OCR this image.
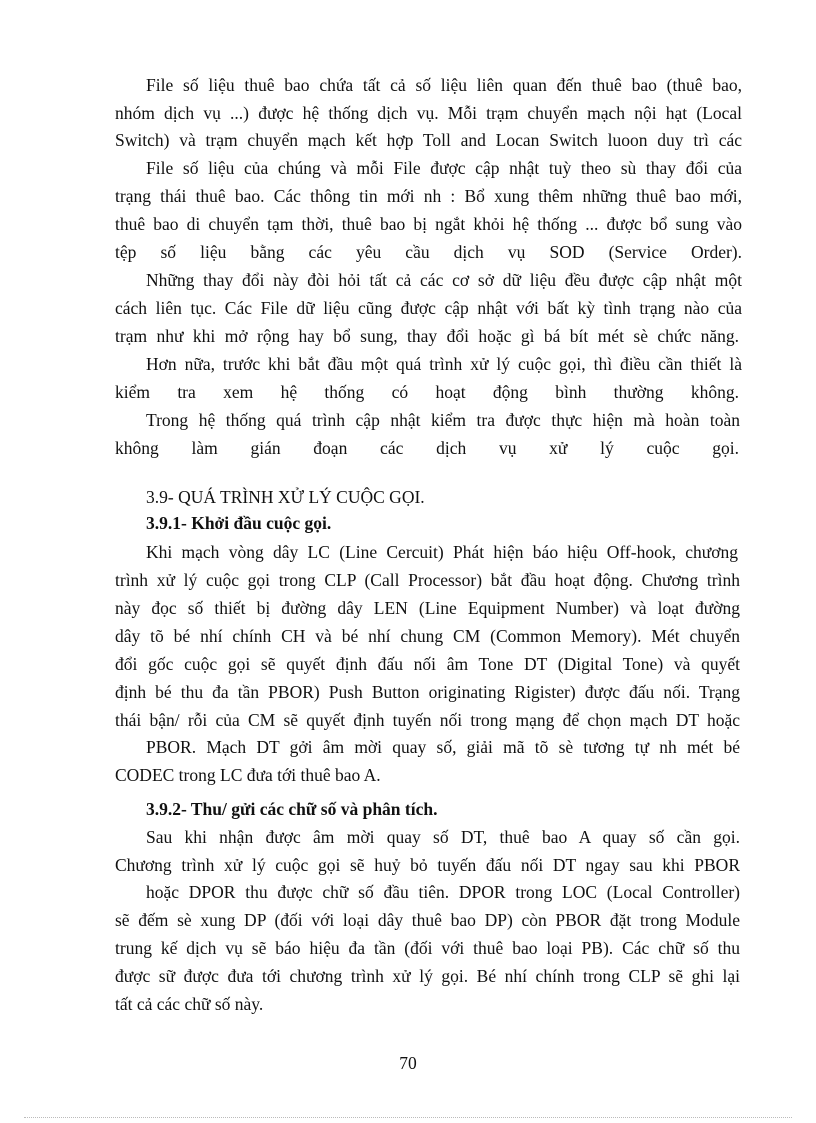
File số liệu thuê bao chứa tất cả số liệu liên quan đến thuê bao (thuê bao,
nhóm dịch vụ ...) được hệ thống dịch vụ. Mỗi trạm chuyển mạch nội hạt (Local
Switch) và trạm chuyển mạch kết hợp Toll and Locan Switch luoon duy trì các
File số liệu của chúng và mỗi File được cập nhật tuỳ theo sù thay đổi của
trạng thái thuê bao. Các thông tin mới nh : Bổ xung thêm những thuê bao mới,
thuê bao di chuyển tạm thời, thuê bao bị ngắt khỏi hệ thống ... được bổ sung vào
tệp số liệu bằng các yêu cầu dịch vụ SOD (Service Order).
Những thay đổi này đòi hỏi tất cả các cơ sở dữ liệu đều được cập nhật một
cách liên tục. Các File dữ liệu cũng được cập nhật với bất kỳ tình trạng nào của
trạm như khi mở rộng hay bổ sung, thay đổi hoặc gì bá bít mét sè chức năng.
Hơn nữa, trước khi bắt đầu một quá trình xử lý cuộc gọi, thì điều cần thiết là
kiểm tra xem hệ thống có hoạt động bình thường không.
Trong hệ thống quá trình cập nhật kiểm tra được thực hiện mà hoàn toàn
không làm gián đoạn các dịch vụ xử lý cuộc gọi.
3.9- QUÁ TRÌNH XỬ LÝ CUỘC GỌI.
3.9.1- Khởi đầu cuộc gọi.
Khi mạch vòng dây LC (Line Cercuit) Phát hiện báo hiệu Off-hook, chương
trình xử lý cuộc gọi trong CLP (Call Processor) bắt đầu hoạt động. Chương trình
này đọc số thiết bị đường dây LEN (Line Equipment Number) và loạt đường
dây tõ bé nhí chính CH và bé nhí chung CM (Common Memory). Mét chuyển
đổi gốc cuộc gọi sẽ quyết định đấu nối âm Tone DT (Digital Tone) và quyết
định bé thu đa tần PBOR) Push Button originating Rigister) được đấu nối. Trạng
thái bận/ rỗi của CM sẽ quyết định tuyến nối trong mạng để chọn mạch DT hoặc
PBOR. Mạch DT gởi âm mời quay số, giải mã tõ sè tương tự nh mét bé
CODEC trong LC đưa tới thuê bao A.
3.9.2- Thu/ gửi các chữ số và phân tích.
Sau khi nhận được âm mời quay số DT, thuê bao A quay số cần gọi.
Chương trình xử lý cuộc gọi sẽ huỷ bỏ tuyến đấu nối DT ngay sau khi PBOR
hoặc DPOR thu được chữ số đầu tiên. DPOR trong LOC (Local Controller)
sẽ đếm sè xung DP (đối với loại dây thuê bao DP) còn PBOR đặt trong Module
trung kế dịch vụ sẽ báo hiệu đa tần (đối với thuê bao loại PB). Các chữ số thu
được sữ được đưa tới chương trình xử lý gọi. Bé nhí chính trong CLP sẽ ghi lại
tất cả các chữ số này.
70
